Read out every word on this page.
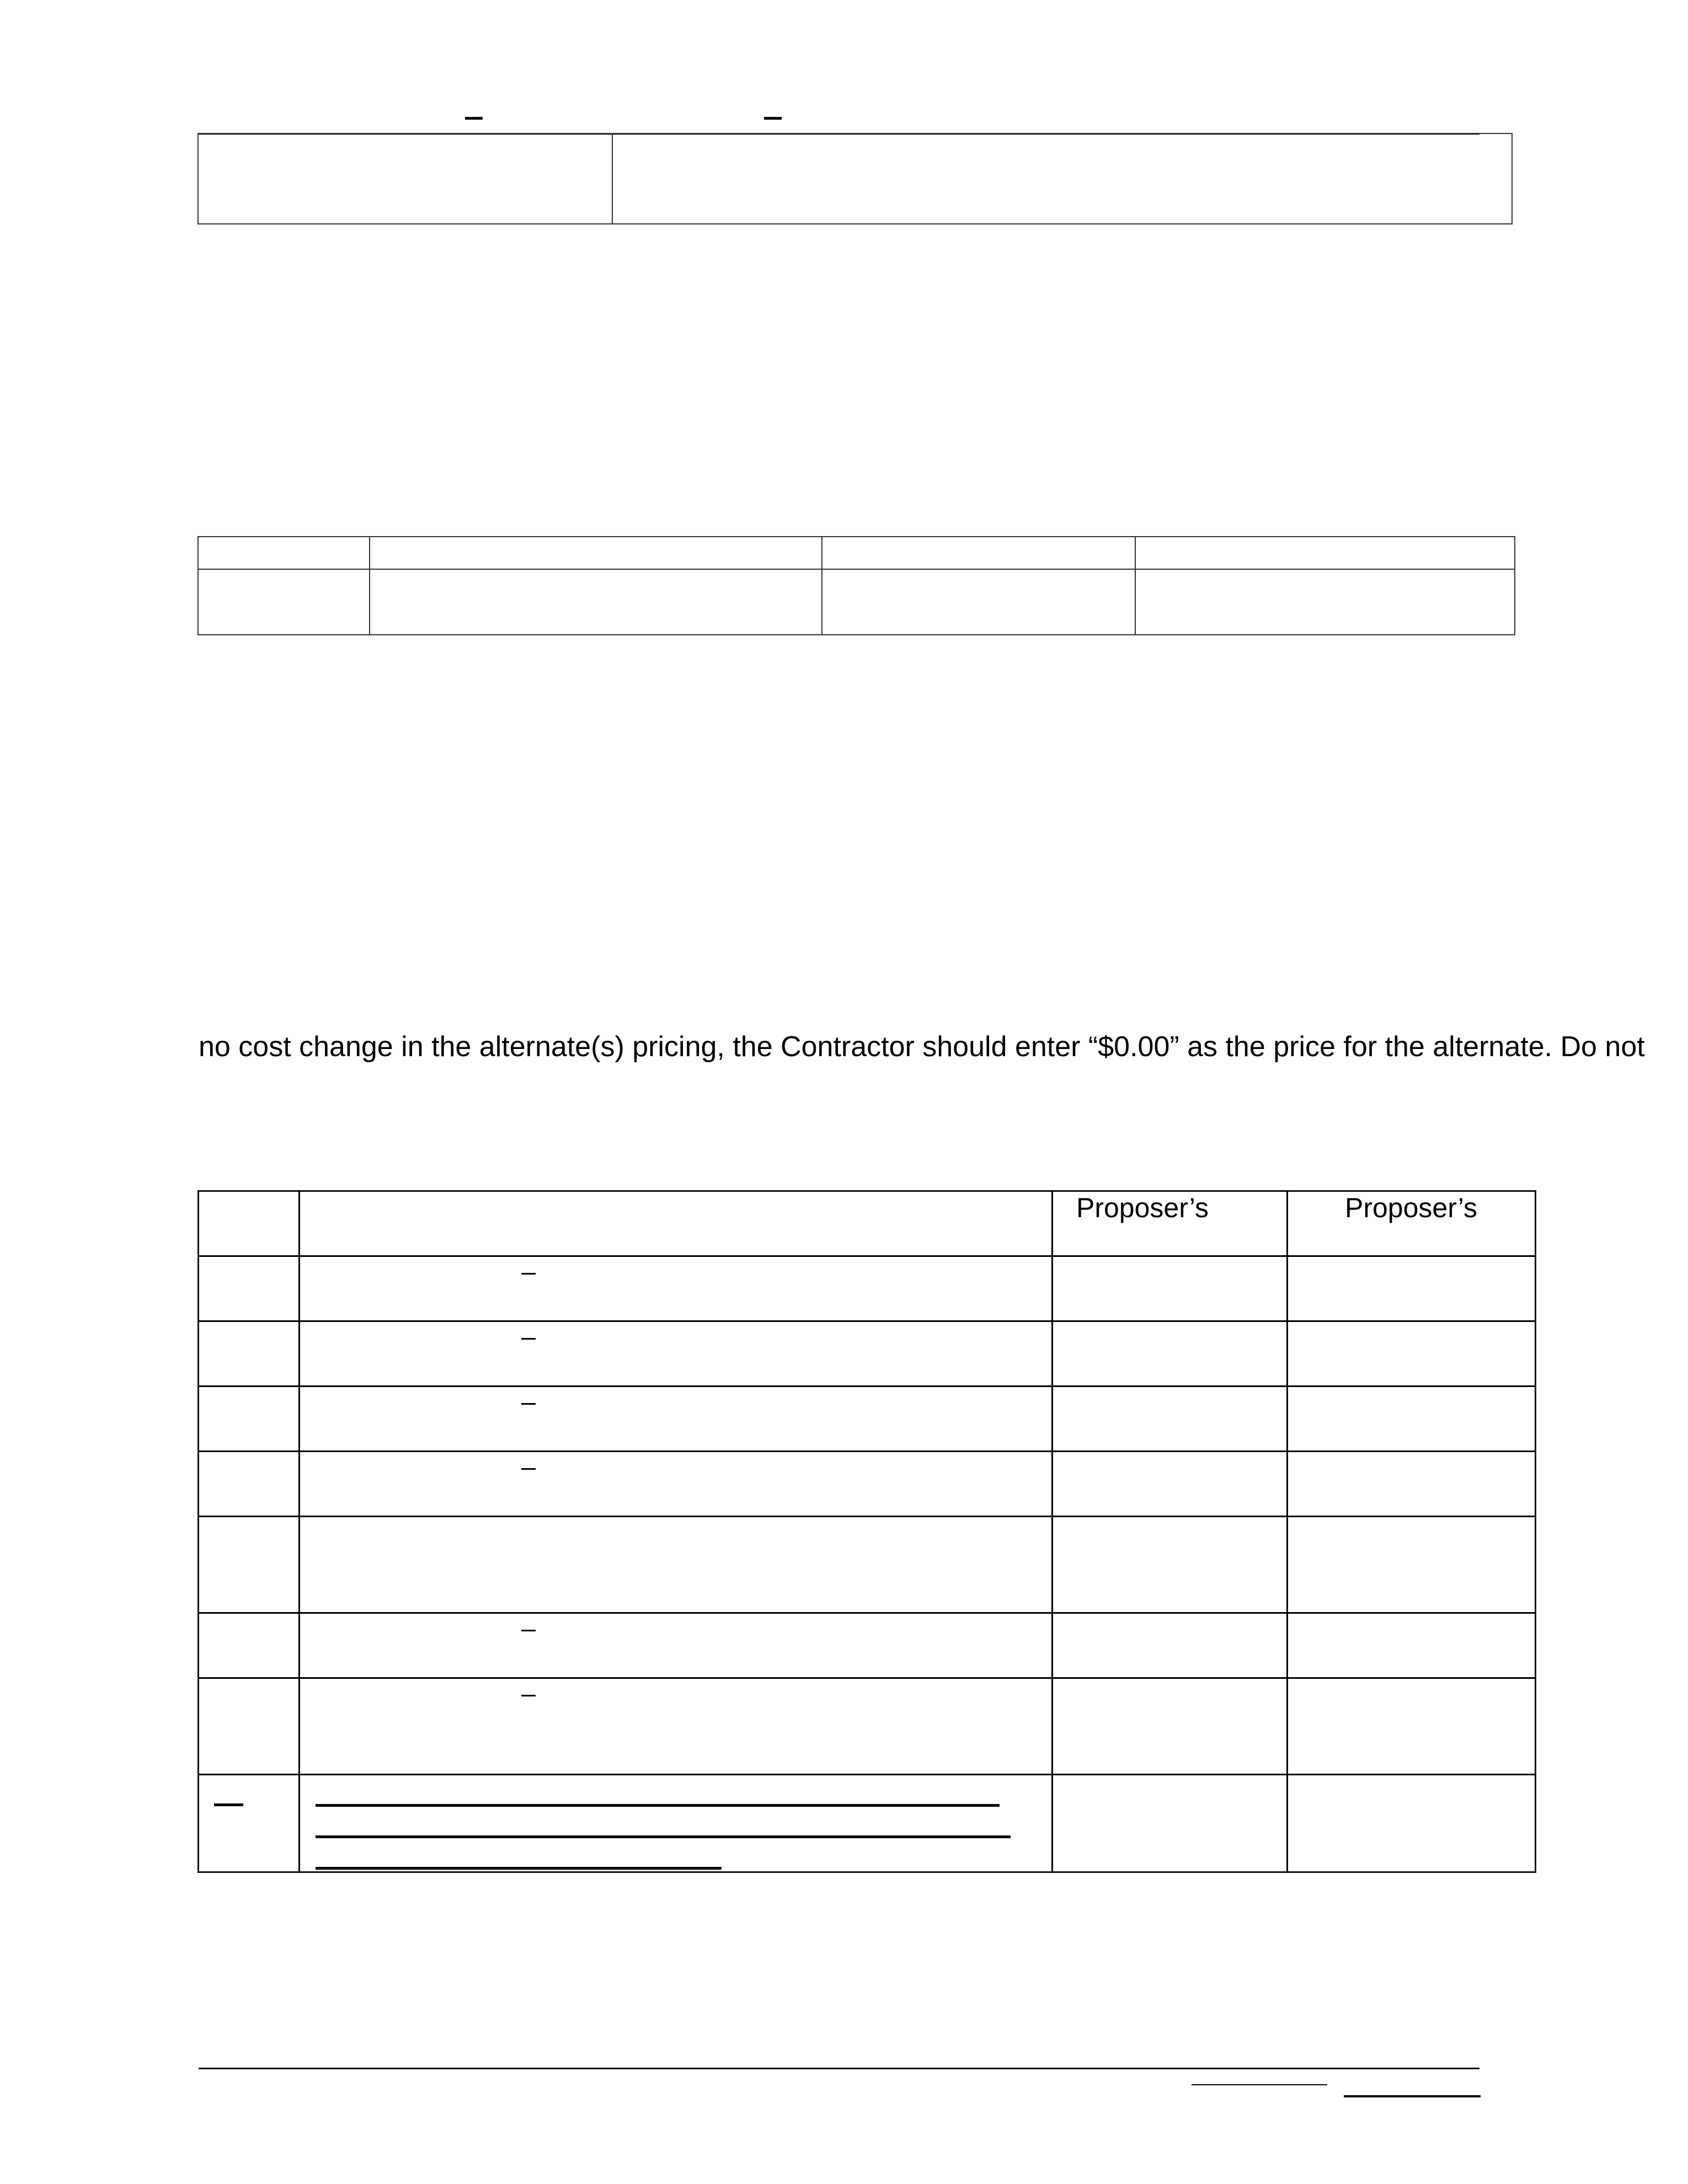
no cost change in the alternate(s) pricing, the Contractor should enter “$0.00” as the price for the alternate. Do not
Proposer’s	Proposer’s
